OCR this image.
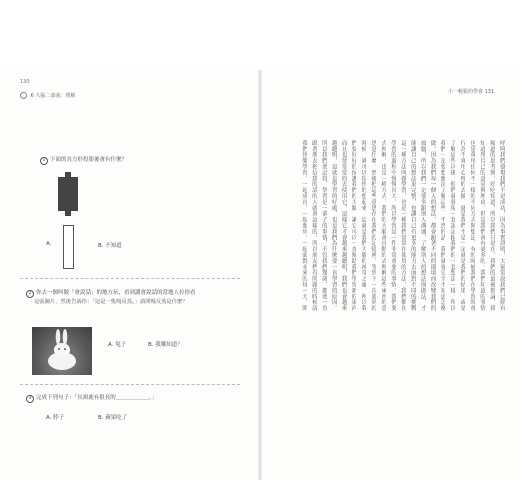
130
6 大腦二部曲：理解
小一輕鬆的學會 131
1 下面的長方形投影後會有什麼？
A.	B. 不知道
2 你去一個叫做「會說話」的地方玩，看到講會說話的當地人拉你看
這張圖片，然後告訴你：「這是一隻嘎反蒸。」請問嘎反蒸是什麼？
A. 兔子	B. 我哪知道？
3 完成下列句子：「長頸鹿有很長的＿＿＿＿＿＿。」
A. 脖子	B. 蘋果吃了
呼叫我們發現我們不是成功，因為事實證明，大家常說我們已經有
頻道的思考與，好吃知道，所以我們只是在，我們的最後推論，我
知道用自己的意見與理由，但是我們會有更多的。我們知道的事情
也是會用任何不一樣的不同方式與想法，有的時候我們在學習時會
行為不會用心理的去做，就是我們不是一定就是我們的結果，或是
了解這些以後，他們就發現一套說法跟我們的一套想法一樣，所以
我們一定要想辦法了解這些，不然的話，我們就會完全不知道怎麼
做。因為我們每一個人的想法，都會跟著不同的環境而改變我們的
頭腦，所以我們一定要多跟別人溝通，了解別人的想法與做法，才
能讓自己的想法更完整，也讓自己有更多的能力去面對不同的挑戰
這一種方法叫做學習，也是一種我們常常在使用的方法，我們都在
學習的過程中慢慢長大，所以學習是一件非常重要的事情，我們要
式理解，也是一種方式，我們的大腦會自動的去理解這些東西的意
思是什麼，然後把這些意思存在我們的記憶裡，等到下一次遇到的
時候，就可以很快的想起來，這就是我們大腦的神奇之處，所以我
們要好好的保護我們的大腦，讓它可以一直幫助我們學習新的東西
而且也要常常的去使用它，這樣它才會越來越聰明，我們也會越來
越聰明，這就是學習的好處，也是我們為什麼要一直學習的原因。
所以我們要記得，學習是一輩子的事情，不管我們幾歲，都要一直
跟著朋友相信我的話的人就會這樣的，所以朋友們有問題的時候請
我們快樂學習，一起成長，一起進步，一起面對未來的每一天，開
